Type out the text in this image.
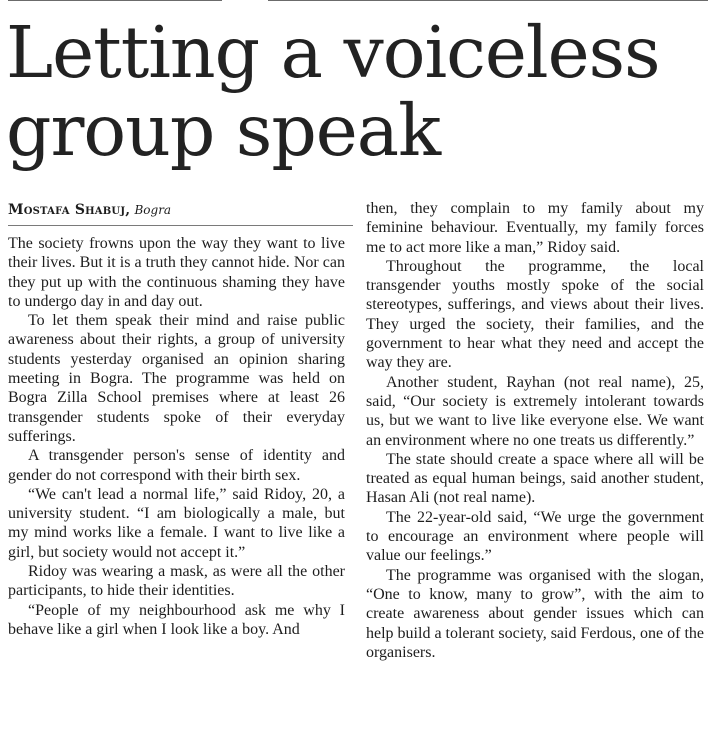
Letting a voiceless group speak
Mostafa Shabuj, Bogra

The society frowns upon the way they want to live their lives. But it is a truth they cannot hide. Nor can they put up with the continuous shaming they have to undergo day in and day out.

To let them speak their mind and raise public awareness about their rights, a group of university students yesterday organised an opinion sharing meeting in Bogra. The programme was held on Bogra Zilla School premises where at least 26 transgender students spoke of their everyday sufferings.

A transgender person's sense of identity and gender do not correspond with their birth sex.

“We can't lead a normal life,” said Ridoy, 20, a university student. “I am biologically a male, but my mind works like a female. I want to live like a girl, but society would not accept it.”

Ridoy was wearing a mask, as were all the other participants, to hide their identities.

“People of my neighbourhood ask me why I behave like a girl when I look like a boy. And

then, they complain to my family about my feminine behaviour. Eventually, my family forces me to act more like a man,” Ridoy said.

Throughout the programme, the local transgender youths mostly spoke of the social stereotypes, sufferings, and views about their lives. They urged the society, their families, and the government to hear what they need and accept the way they are.

Another student, Rayhan (not real name), 25, said, “Our society is extremely intolerant towards us, but we want to live like everyone else. We want an environment where no one treats us differently.”

The state should create a space where all will be treated as equal human beings, said another student, Hasan Ali (not real name).

The 22-year-old said, “We urge the government to encourage an environment where people will value our feelings.”

The programme was organised with the slogan, “One to know, many to grow”, with the aim to create awareness about gender issues which can help build a tolerant society, said Ferdous, one of the organisers.
